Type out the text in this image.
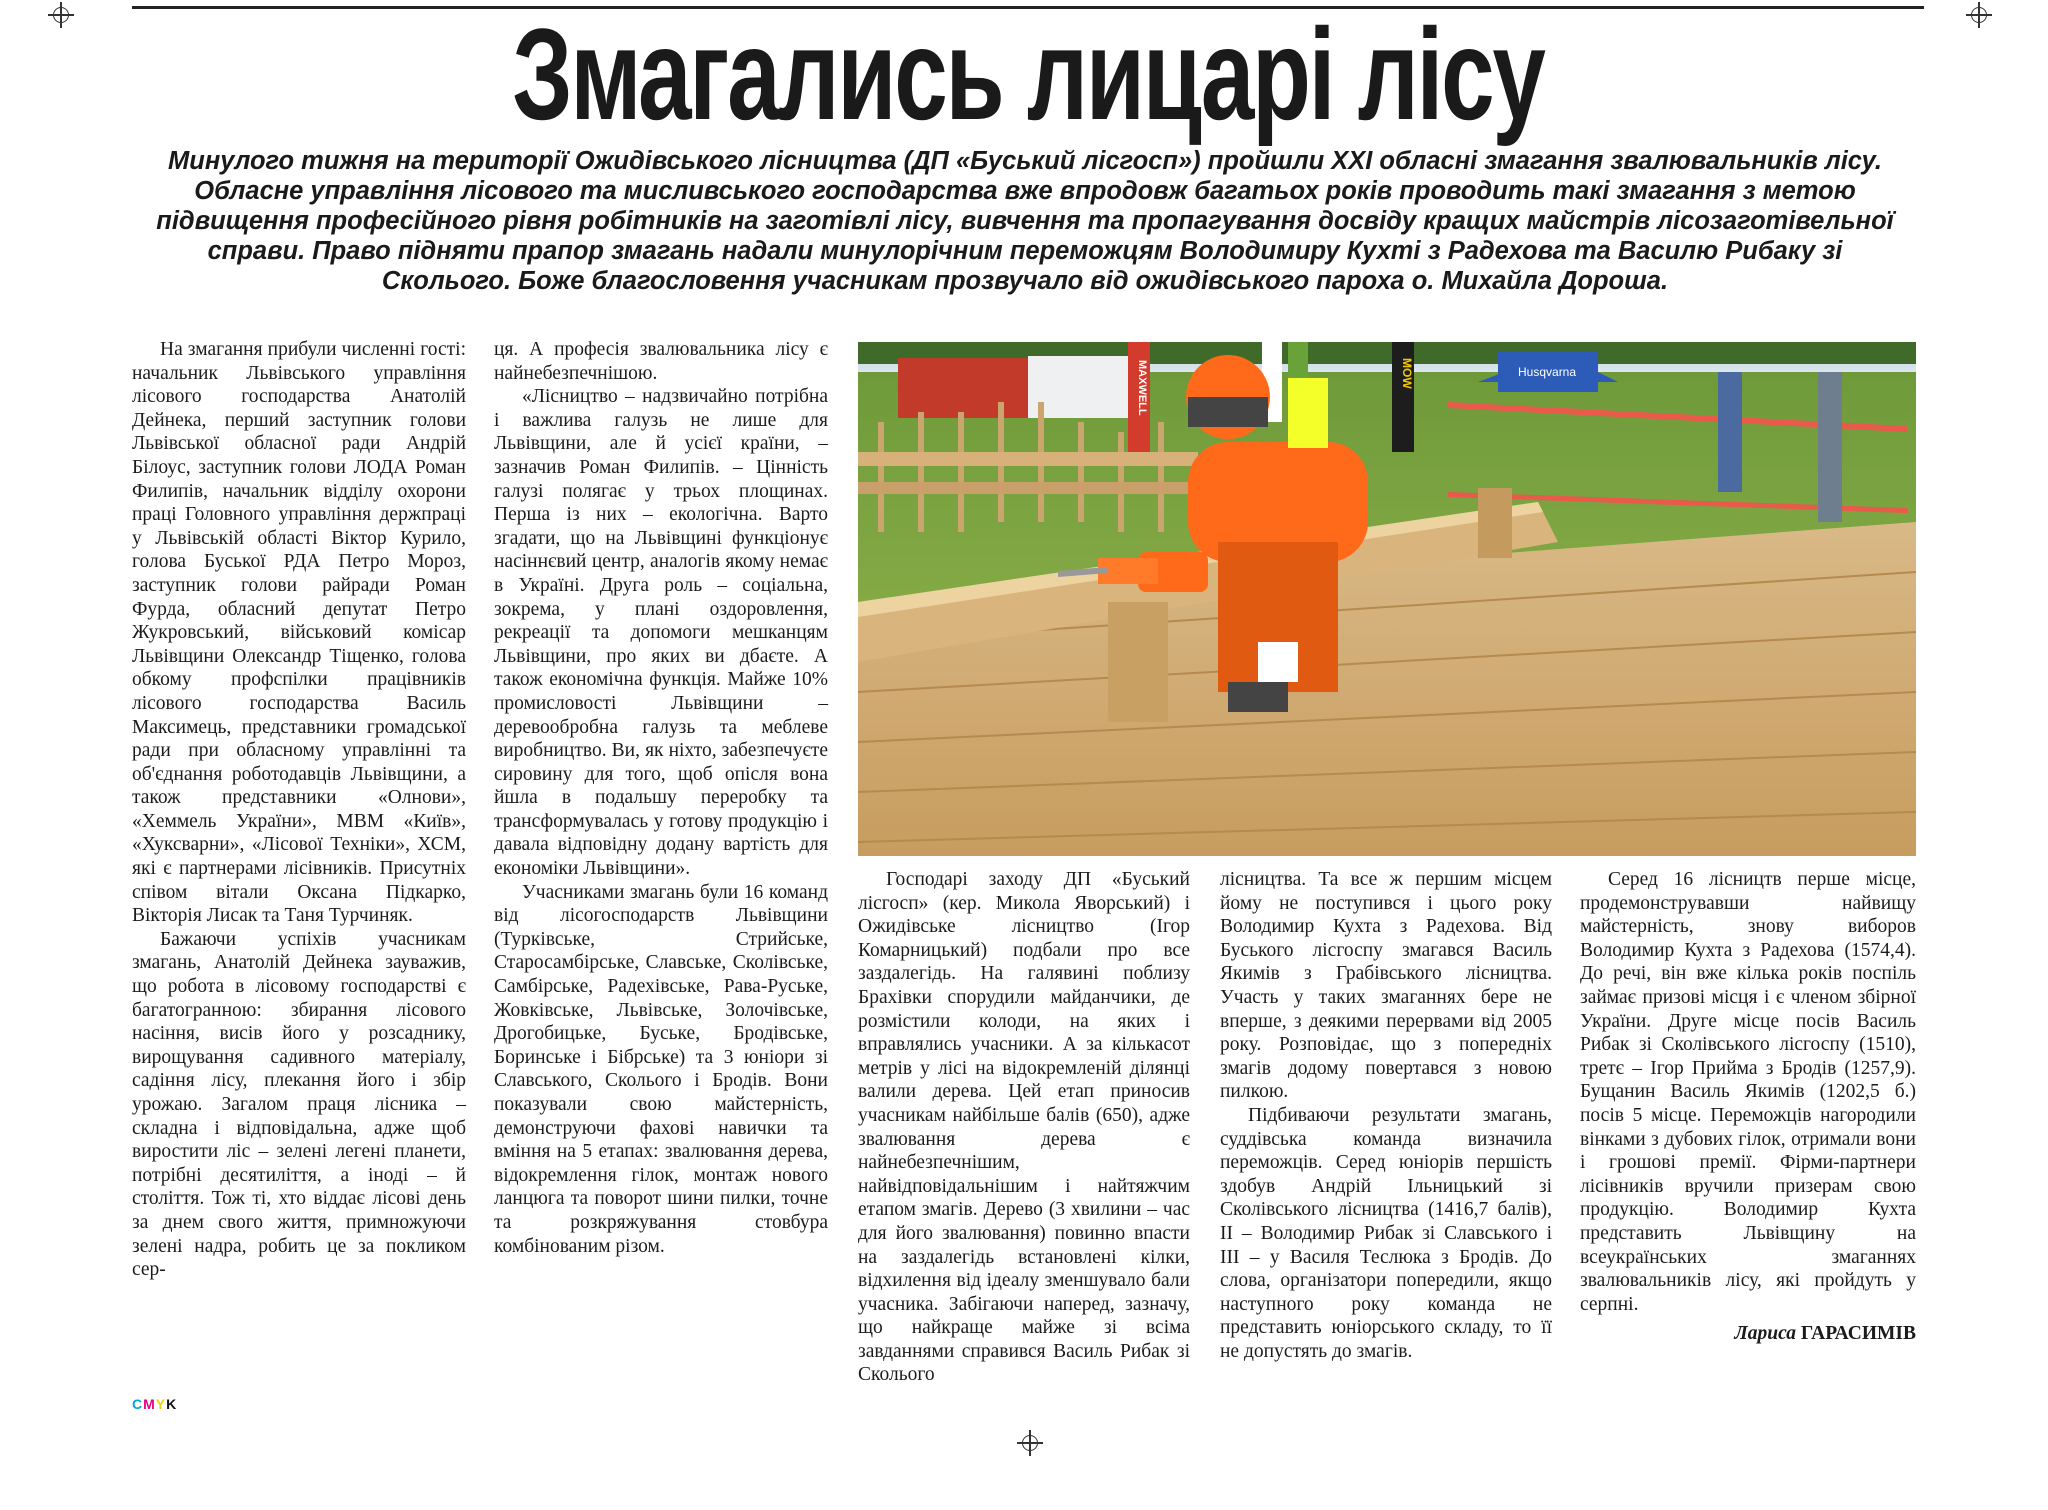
Змагались лицарі лісу

Минулого тижня на території Ожидівського лісництва (ДП «Буський лісгосп») пройшли XXI обласні змагання звалювальників лісу. Обласне управління лісового та мисливського господарства вже впродовж багатьох років проводить такі змагання з метою підвищення професійного рівня робітників на заготівлі лісу, вивчення та пропагування досвіду кращих майстрів лісозаготівельної справи. Право підняти прапор змагань надали минулорічним переможцям Володимиру Кухті з Радехова та Василю Рибаку зі Сколього. Боже благословення учасникам прозвучало від ожидівського пароха о. Михайла Дороша.

На змагання прибули численні гості: начальник Львівського управління лісового господарства Анатолій Дейнека, перший заступник голови Львівської обласної ради Андрій Білоус, заступник голови ЛОДА Роман Филипів, начальник відділу охорони праці Головного управління держпраці у Львівській області Віктор Курило, голова Буської РДА Петро Мороз, заступник голови райради Роман Фурда, обласний депутат Петро Жукровський, військовий комісар Львівщини Олександр Тіщенко, голова обкому профспілки працівників лісового господарства Василь Максимець, представники громадської ради при обласному управлінні та об'єднання роботодавців Львівщини, а також представники «Олнови», «Хеммель України», МВМ «Київ», «Хуксварни», «Лісової Техніки», ХСМ, які є партнерами лісівників. Присутніх співом вітали Оксана Підкарко, Вікторія Лисак та Таня Турчиняк.

Бажаючи успіхів учасникам змагань, Анатолій Дейнека зауважив, що робота в лісовому господарстві є багатогранною: збирання лісового насіння, висів його у розсаднику, вирощування садивного матеріалу, садіння лісу, плекання його і збір урожаю. Загалом праця лісника – складна і відповідальна, адже щоб виростити ліс – зелені легені планети, потрібні десятиліття, а іноді – й століття. Тож ті, хто віддає лісові день за днем свого життя, примножуючи зелені надра, робить це за покликом сер-

ця. А професія звалювальника лісу є найнебезпечнішою.

«Лісництво – надзвичайно потрібна і важлива галузь не лише для Львівщини, але й усієї країни, – зазначив Роман Филипів. – Цінність галузі полягає у трьох площинах. Перша із них – екологічна. Варто згадати, що на Львівщині функціонує насіннєвий центр, аналогів якому немає в Україні. Друга роль – соціальна, зокрема, у плані оздоровлення, рекреації та допомоги мешканцям Львівщини, про яких ви дбаєте. А також економічна функція. Майже 10% промисловості Львівщини – деревообробна галузь та меблеве виробництво. Ви, як ніхто, забезпечуєте сировину для того, щоб опісля вона йшла в подальшу переробку та трансформувалась у готову продукцію і давала відповідну додану вартість для економіки Львівщини».

Учасниками змагань були 16 команд від лісогосподарств Львівщини (Турківське, Стрийське, Старосамбірське, Славське, Сколівське, Самбірське, Радехівське, Рава-Руське, Жовківське, Львівське, Золочівське, Дрогобицьке, Буське, Бродівське, Боринське і Бібрське) та 3 юніори зі Славського, Сколього і Бродів. Вони показували свою майстерність, демонструючи фахові навички та вміння на 5 етапах: звалювання дерева, відокремлення гілок, монтаж нового ланцюга та поворот шини пилки, точне та розкряжування стовбура комбінованим різом.

MAXWELL	MOW	Husqvarna

Господарі заходу ДП «Буський лісгосп» (кер. Микола Яворський) і Ожидівське лісництво (Ігор Комарницький) подбали про все заздалегідь. На галявині поблизу Брахівки спорудили майданчики, де розмістили колоди, на яких і вправлялись учасники. А за кількасот метрів у лісі на відокремленій ділянці валили дерева. Цей етап приносив учасникам найбільше балів (650), адже звалювання дерева є найнебезпечнішим, найвідповідальнішим і найтяжчим етапом змагів. Дерево (3 хвилини – час для його звалювання) повинно впасти на заздалегідь встановлені кілки, відхилення від ідеалу зменшувало бали учасника. Забігаючи наперед, зазначу, що найкраще майже зі всіма завданнями справився Василь Рибак зі Сколього

лісництва. Та все ж першим місцем йому не поступився і цього року Володимир Кухта з Радехова. Від Буського лісгоспу змагався Василь Якимів з Грабівського лісництва. Участь у таких змаганнях бере не вперше, з деякими перервами від 2005 року. Розповідає, що з попередніх змагів додому повертався з новою пилкою.

Підбиваючи результати змагань, суддівська команда визначила переможців. Серед юніорів першість здобув Андрій Ільницький зі Сколівського лісництва (1416,7 балів), II – Володимир Рибак зі Славського і III – у Василя Теслюка з Бродів. До слова, організатори попередили, якщо наступного року команда не представить юніорського складу, то її не допустять до змагів.

Серед 16 лісництв перше місце, продемонструвавши найвищу майстерність, знову виборов Володимир Кухта з Радехова (1574,4). До речі, він вже кілька років поспіль займає призові місця і є членом збірної України. Друге місце посів Василь Рибак зі Сколівського лісгоспу (1510), третє – Ігор Прийма з Бродів (1257,9). Бущанин Василь Якимів (1202,5 б.) посів 5 місце. Переможців нагородили вінками з дубових гілок, отримали вони і грошові премії. Фірми-партнери лісівників вручили призерам свою продукцію. Володимир Кухта представить Львівщину на всеукраїнських змаганнях звалювальників лісу, які пройдуть у серпні.

Лариса ГАРАСИМІВ
CMYK
